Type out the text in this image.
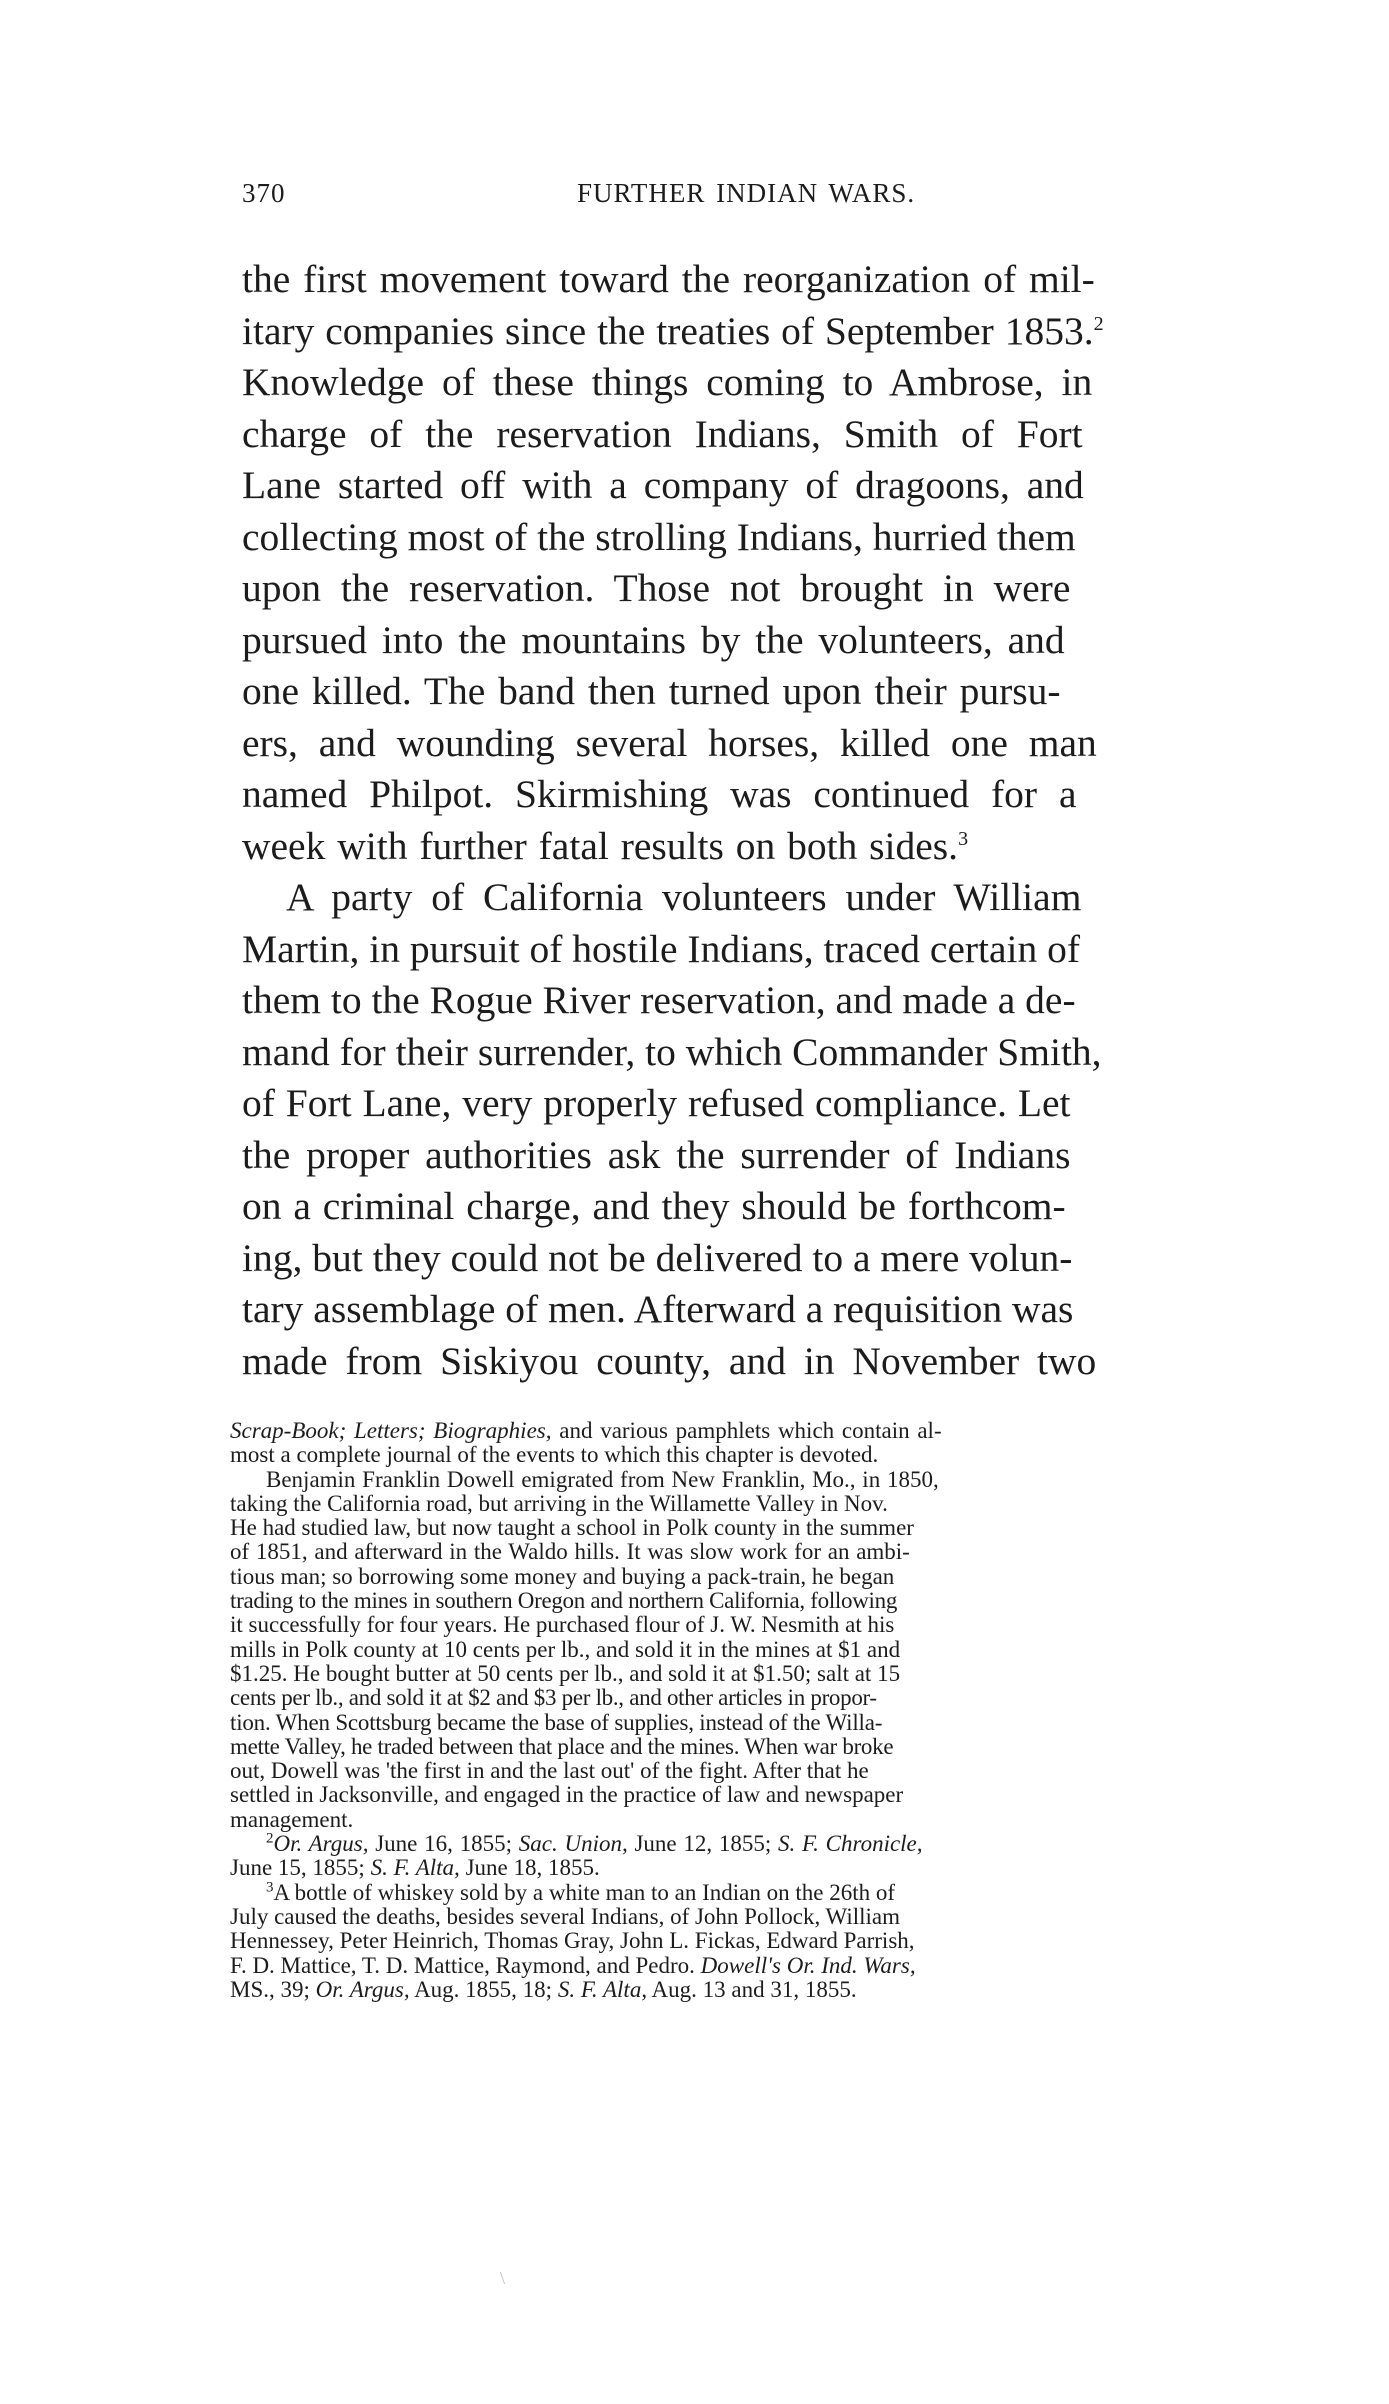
370	FURTHER INDIAN WARS.
the first movement toward the reorganization of mil-
itary companies since the treaties of September 1853.$^2$
Knowledge of these things coming to Ambrose, in
charge of the reservation Indians, Smith of Fort
Lane started off with a company of dragoons, and
collecting most of the strolling Indians, hurried them
upon the reservation. Those not brought in were
pursued into the mountains by the volunteers, and
one killed. The band then turned upon their pursu-
ers, and wounding several horses, killed one man
named Philpot. Skirmishing was continued for a
week with further fatal results on both sides.$^3$
A party of California volunteers under William
Martin, in pursuit of hostile Indians, traced certain of
them to the Rogue River reservation, and made a de-
mand for their surrender, to which Commander Smith,
of Fort Lane, very properly refused compliance. Let
the proper authorities ask the surrender of Indians
on a criminal charge, and they should be forthcom-
ing, but they could not be delivered to a mere volun-
tary assemblage of men. Afterward a requisition was
made from Siskiyou county, and in November two
Scrap-Book; Letters; Biographies, and various pamphlets which contain al-
most a complete journal of the events to which this chapter is devoted.
Benjamin Franklin Dowell emigrated from New Franklin, Mo., in 1850,
taking the California road, but arriving in the Willamette Valley in Nov.
He had studied law, but now taught a school in Polk county in the summer
of 1851, and afterward in the Waldo hills. It was slow work for an ambi-
tious man; so borrowing some money and buying a pack-train, he began
trading to the mines in southern Oregon and northern California, following
it successfully for four years. He purchased flour of J. W. Nesmith at his
mills in Polk county at 10 cents per lb., and sold it in the mines at $1 and
$1.25. He bought butter at 50 cents per lb., and sold it at $1.50; salt at 15
cents per lb., and sold it at $2 and $3 per lb., and other articles in propor-
tion. When Scottsburg became the base of supplies, instead of the Willa-
mette Valley, he traded between that place and the mines. When war broke
out, Dowell was 'the first in and the last out' of the fight. After that he
settled in Jacksonville, and engaged in the practice of law and newspaper
management.
$^2$Or. Argus, June 16, 1855; Sac. Union, June 12, 1855; S. F. Chronicle,
June 15, 1855; S. F. Alta, June 18, 1855.
$^3$A bottle of whiskey sold by a white man to an Indian on the 26th of
July caused the deaths, besides several Indians, of John Pollock, William
Hennessey, Peter Heinrich, Thomas Gray, John L. Fickas, Edward Parrish,
F. D. Mattice, T. D. Mattice, Raymond, and Pedro. Dowell's Or. Ind. Wars,
MS., 39; Or. Argus, Aug. 1855, 18; S. F. Alta, Aug. 13 and 31, 1855.
\
